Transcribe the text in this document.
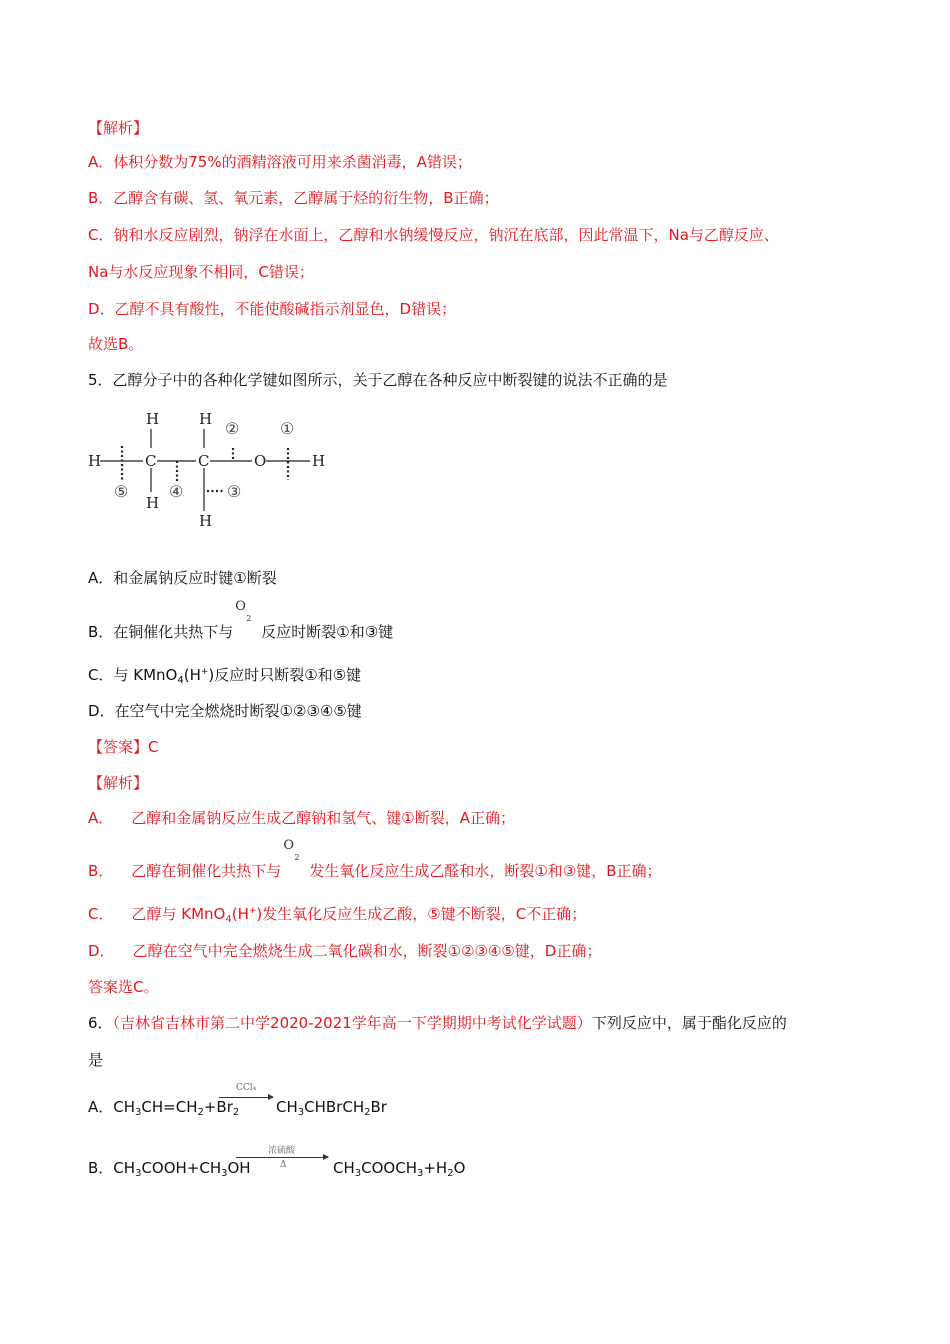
【解析】
A．体积分数为75%的酒精溶液可用来杀菌消毒，A错误；
B．乙醇含有碳、氢、氧元素，乙醇属于烃的衍生物，B正确；
C．钠和水反应剧烈，钠浮在水面上，乙醇和水钠缓慢反应，钠沉在底部，因此常温下，Na与乙醇反应、
Na与水反应现象不相同，C错误；
D．乙醇不具有酸性，不能使酸碱指示剂显色，D错误；
故选B。
5．乙醇分子中的各种化学键如图所示，关于乙醇在各种反应中断裂键的说法不正确的是
H	C	C	O	H
H	H
H
H
①
②
③
④
⑤
A．和金属钠反应时键①断裂
B．在铜催化共热下与
O
2
反应时断裂①和③键
C．与 KMnO$_4$(H+)反应时只断裂①和⑤键
D．在空气中完全燃烧时断裂①②③④⑤键
【答案】C
【解析】
A． 乙醇和金属钠反应生成乙醇钠和氢气、键①断裂，A正确；
B． 乙醇在铜催化共热下与
O
2
发生氧化反应生成乙醛和水，断裂①和③键，B正确；
C． 乙醇与 KMnO$_4$(H+)发生氧化反应生成乙酸，⑤键不断裂，C不正确；
D． 乙醇在空气中完全燃烧生成二氧化碳和水，断裂①②③④⑤键，D正确；
答案选C。
6．（吉林省吉林市第二中学2020-2021学年高一下学期期中考试化学试题）下列反应中，属于酯化反应的
是
A．$CH_3CH=CH_2+Br_2$
CCl₄
$CH_3CHBrCH_2Br$
B．$CH_3COOH+CH_3OH$
浓硫酸
Δ	$CH_3COOCH_3+H_2O$
